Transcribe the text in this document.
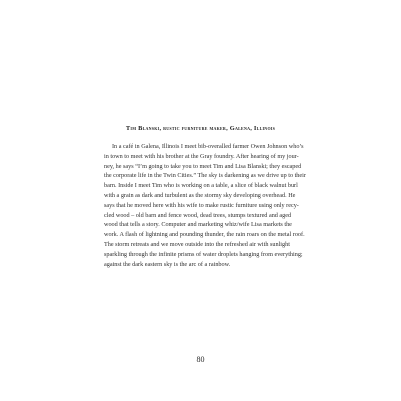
Tim Blanski, rustic furniture maker, Galena, Illinois
In a café in Galena, Illinois I meet bib-overalled farmer Owen Johnson who’s
in town to meet with his brother at the Gray foundry. After hearing of my jour-
ney, he says “I’m going to take you to meet Tim and Lisa Blanski; they escaped
the corporate life in the Twin Cities.” The sky is darkening as we drive up to their
barn. Inside I meet Tim who is working on a table, a slice of black walnut burl
with a grain as dark and turbulent as the stormy sky developing overhead. He
says that he moved here with his wife to make rustic furniture using only recy-
cled wood – old barn and fence wood, dead trees, stumps textured and aged
wood that tells a story. Computer and marketing whiz/wife Lisa markets the
work. A flash of lightning and pounding thunder, the rain roars on the metal roof.
The storm retreats and we move outside into the refreshed air with sunlight
sparkling through the infinite prisms of water droplets hanging from everything;
against the dark eastern sky is the arc of a rainbow.
80
